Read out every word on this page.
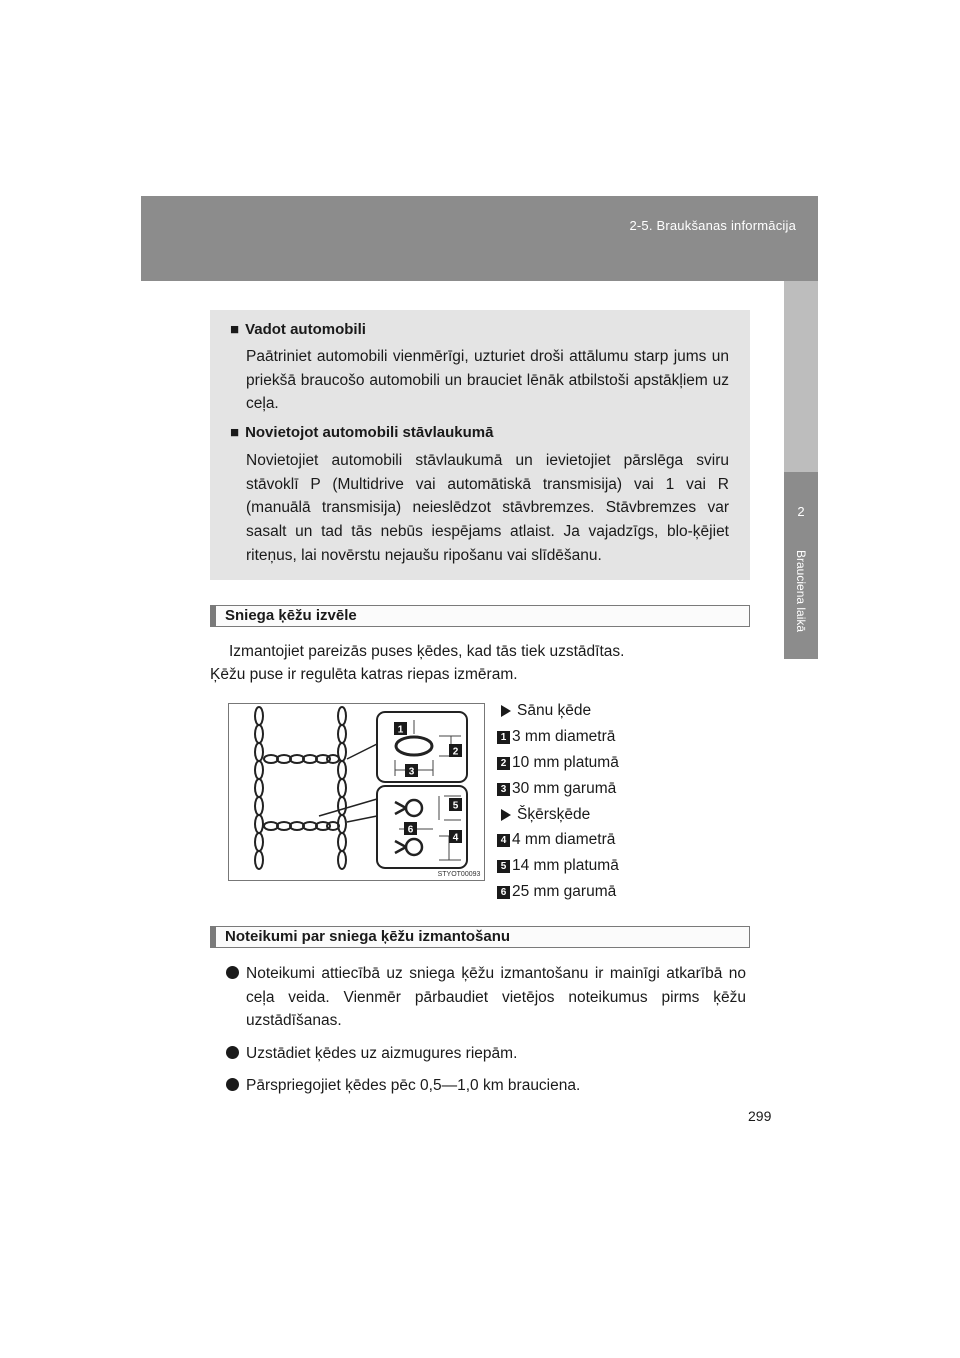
2-5. Braukšanas informācija
2
Brauciena laikā
■ Vadot automobili
Paātriniet automobili vienmērīgi, uzturiet droši attālumu starp jums un priekšā braucošo automobili un brauciet lēnāk atbilstoši apstākļiem uz ceļa.
■ Novietojot automobili stāvlaukumā
Novietojiet automobili stāvlaukumā un ievietojiet pārslēga sviru stāvoklī P (Multidrive vai automātiskā transmisija) vai 1 vai R (manuālā transmisija) neieslēdzot stāvbremzes. Stāvbremzes var sasalt un tad tās nebūs iespējams atlaist. Ja vajadzīgs, blo-ķējiet riteņus, lai novērstu nejaušu ripošanu vai slīdēšanu.
Sniega ķēžu izvēle
Izmantojiet pareizās puses ķēdes, kad tās tiek uzstādītas.
Ķēžu puse ir regulēta katras riepas izmēram.
1
2
3
5
6
4
STYOT00093
Sānu ķēde
1 3 mm diametrā
2 10 mm platumā
3 30 mm garumā
Šķērsķēde
4 4 mm diametrā
5 14 mm platumā
6 25 mm garumā
Noteikumi par sniega ķēžu izmantošanu
Noteikumi attiecībā uz sniega ķēžu izmantošanu ir mainīgi atkarībā no ceļa veida. Vienmēr pārbaudiet vietējos noteikumus pirms ķēžu uzstādīšanas.
Uzstādiet ķēdes uz aizmugures riepām.
Pārspriegojiet ķēdes pēc 0,5—1,0 km brauciena.
299
